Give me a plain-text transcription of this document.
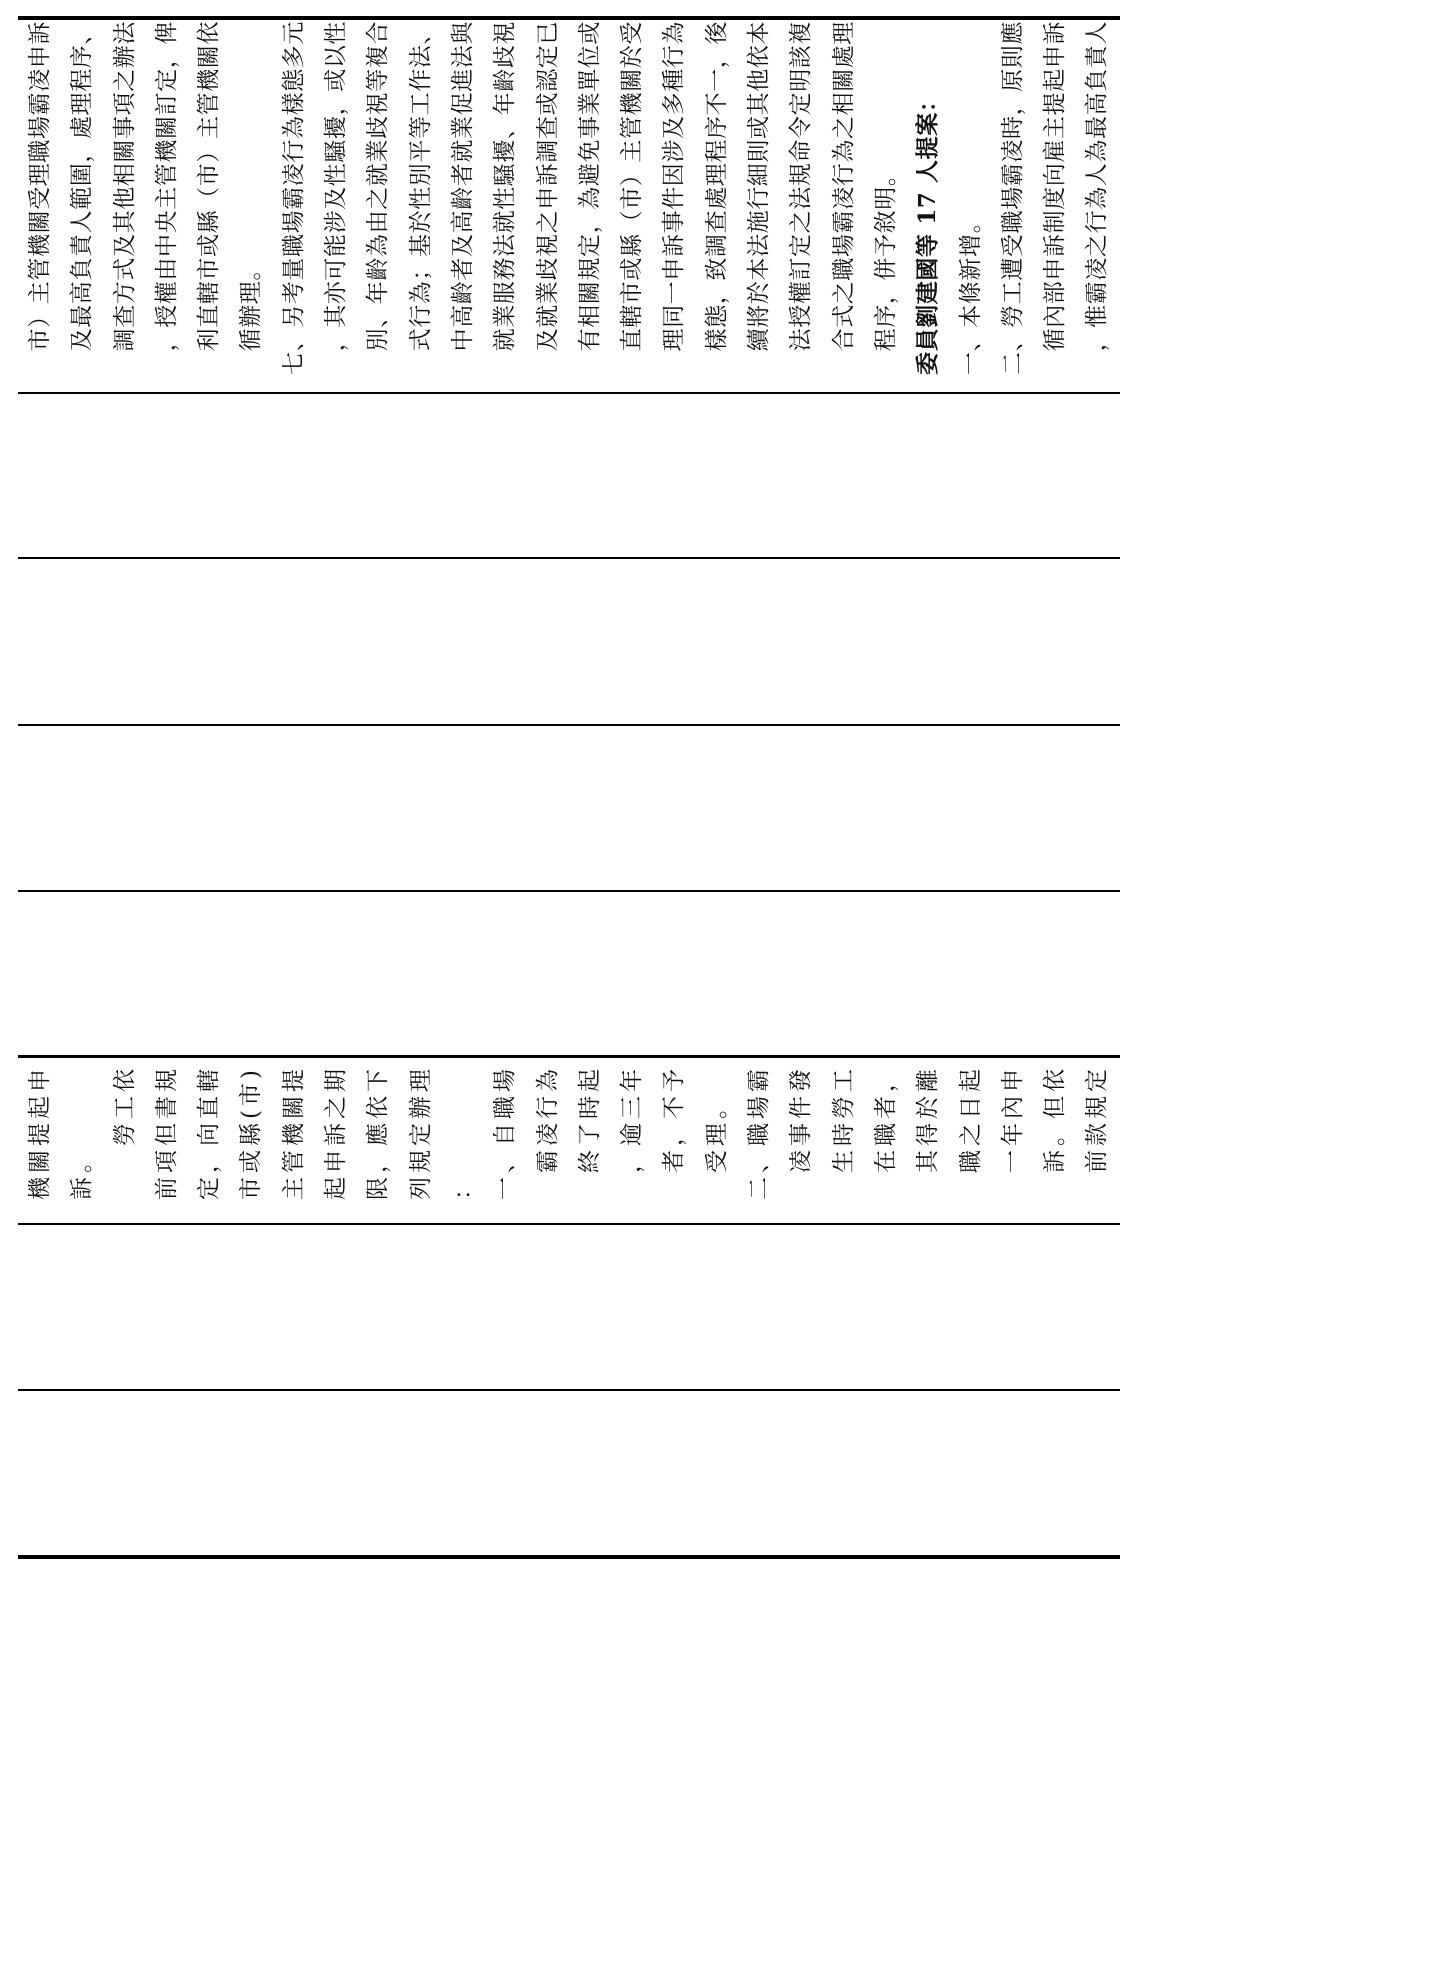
機關提起申 訴。
勞工依 前項但書規 定，向直轄 市或縣(市) 主管機關提 起申訴之期 限，應依下 列規定辦理 ： 一、自職場 霸凌行為 終了時起 ，逾三年 者，不予 受理。 二、職場霸 凌事件發 生時勞工 在職者， 其得於離 職之日起 一年內申 訴。但依 前款規定
市）主管機關受理職場霸凌申訴 及最高負責人範圍，處理程序、 調查方式及其他相關事項之辦法 ，授權由中央主管機關訂定，俾 利直轄市或縣（市）主管機關依 循辦理。 七、另考量職場霸凌行為樣態多元 ，其亦可能涉及性騷擾，或以性 別、年齡為由之就業歧視等複合 式行為；基於性別平等工作法、 中高齡者及高齡者就業促進法與 就業服務法就性騷擾、年齡歧視 及就業歧視之申訴調查或認定已 有相關規定，為避免事業單位或 直轄市或縣（市）主管機關於受 理同一申訴事件因涉及多種行為 樣態，致調查處理程序不一，後 續將於本法施行細則或其他依本 法授權訂定之法規命令定明該複 合式之職場霸凌行為之相關處理 程序，併予敘明。 委員劉建國等 17 人提案： 一、本條新增。 二、勞工遭受職場霸凌時，原則應 循內部申訴制度向雇主提起申訴 ，惟霸凌之行為人為最高負責人
